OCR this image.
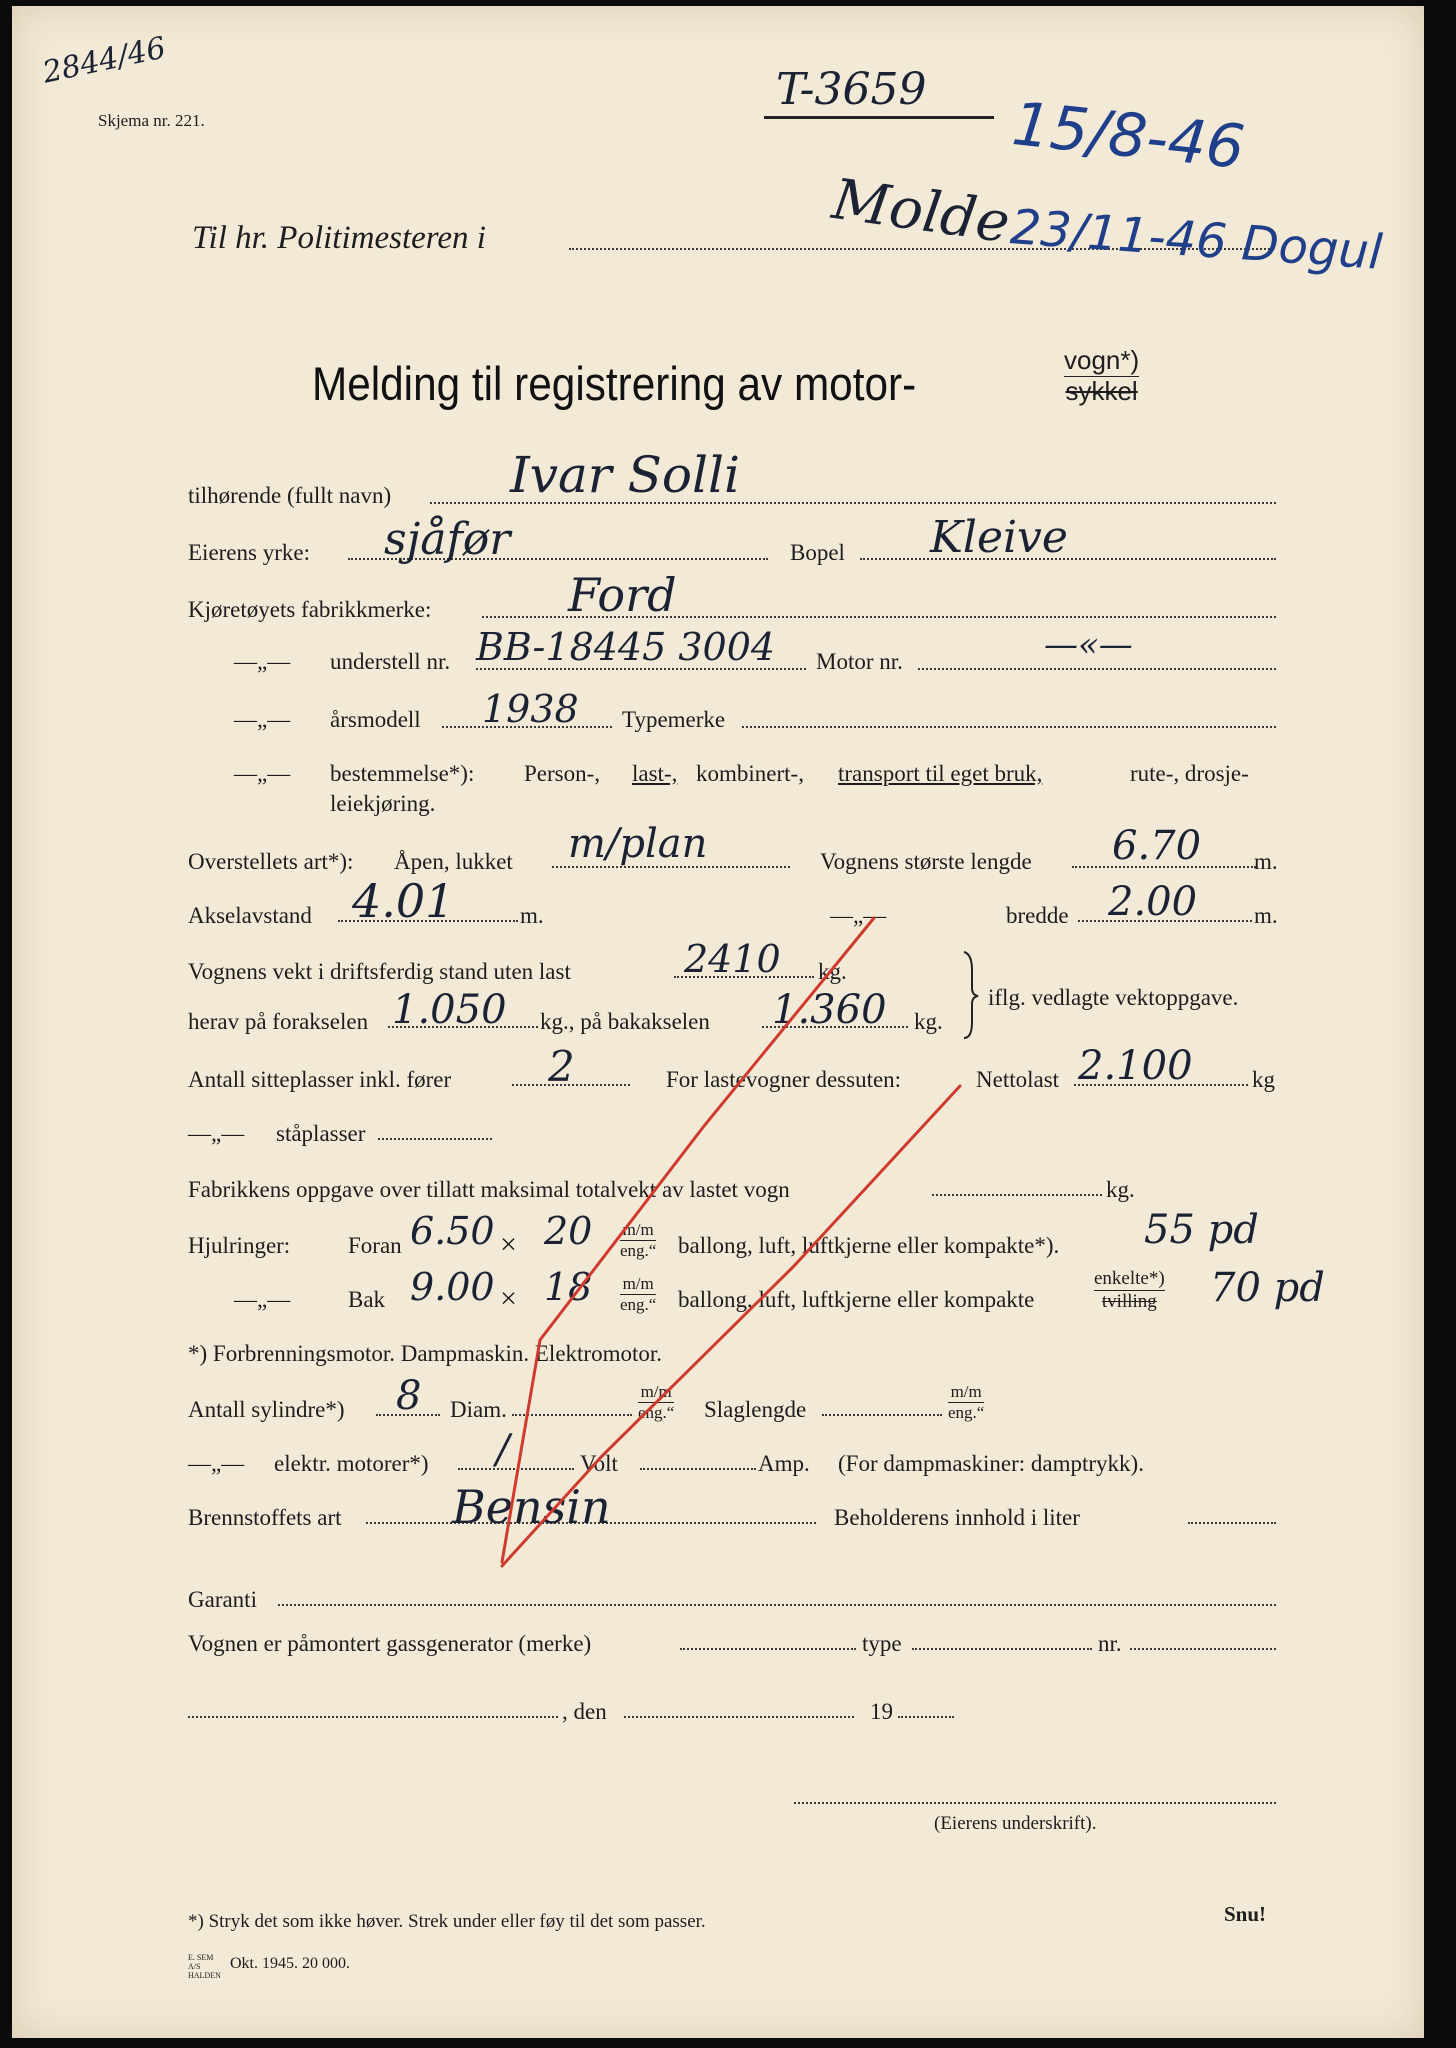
2844/46
Skjema nr. 221.
T-3659 15/8-46
Til hr. Politimesteren i	Molde
23/11-46 Dogul
Melding til registrering av motor-	vogn*)
sykkel
tilhørende (fullt navn) Ivar Solli
Eierens yrke: sjåfør	Bopel Kleive
Kjøretøyets fabrikkmerke:	Ford
—„— understell nr. BB-18445 3004 Motor nr.	—«—
—„— årsmodell 1938 Typemerke
—„— bestemmelse*): Person-, last-, kombinert-, transport til eget bruk,	rute-, drosje-
leiekjøring.
Overstellets art*): Åpen, lukket m/plan	Vognens største lengde 6.70 m.
Akselavstand 4.01	m.	—„—	bredde 2.00 m.
Vognens vekt i driftsferdig stand uten last	2410 kg.
herav på forakselen 1.050 kg., på bakakselen 1.360 kg.
iflg. vedlagte vektoppgave.
Antall sitteplasser inkl. fører 2	For lastevogner dessuten:	Nettolast 2.100	kg
—„— ståplasser
Fabrikkens oppgave over tillatt maksimal totalvekt av lastet vogn	kg.
Hjulringer:	Foran 6.50 × 20 m/m
eng.“ ballong, luft, luftkjerne eller kompakte*). 55 pd
—„—	Bak 9.00 × 18 m/m
eng.“ ballong, luft, luftkjerne eller kompakte
enkelte*)
tvilling 70 pd
*) Forbrenningsmotor. Dampmaskin. Elektromotor.
Antall sylindre*) 8 Diam.
m/m
eng.“ Slaglengde
m/m
eng.“
—„— elektr. motorer*) /	Volt	Amp. (For dampmaskiner: damptrykk).
Brennstoffets art Bensin	Beholderens innhold i liter
Garanti
Vognen er påmontert gassgenerator (merke)	type	nr.
, den	19
(Eierens underskrift).
*) Stryk det som ikke høver. Strek under eller føy til det som passer.	Snu!
E. SEM A/S HALDEN
Okt. 1945. 20 000.
